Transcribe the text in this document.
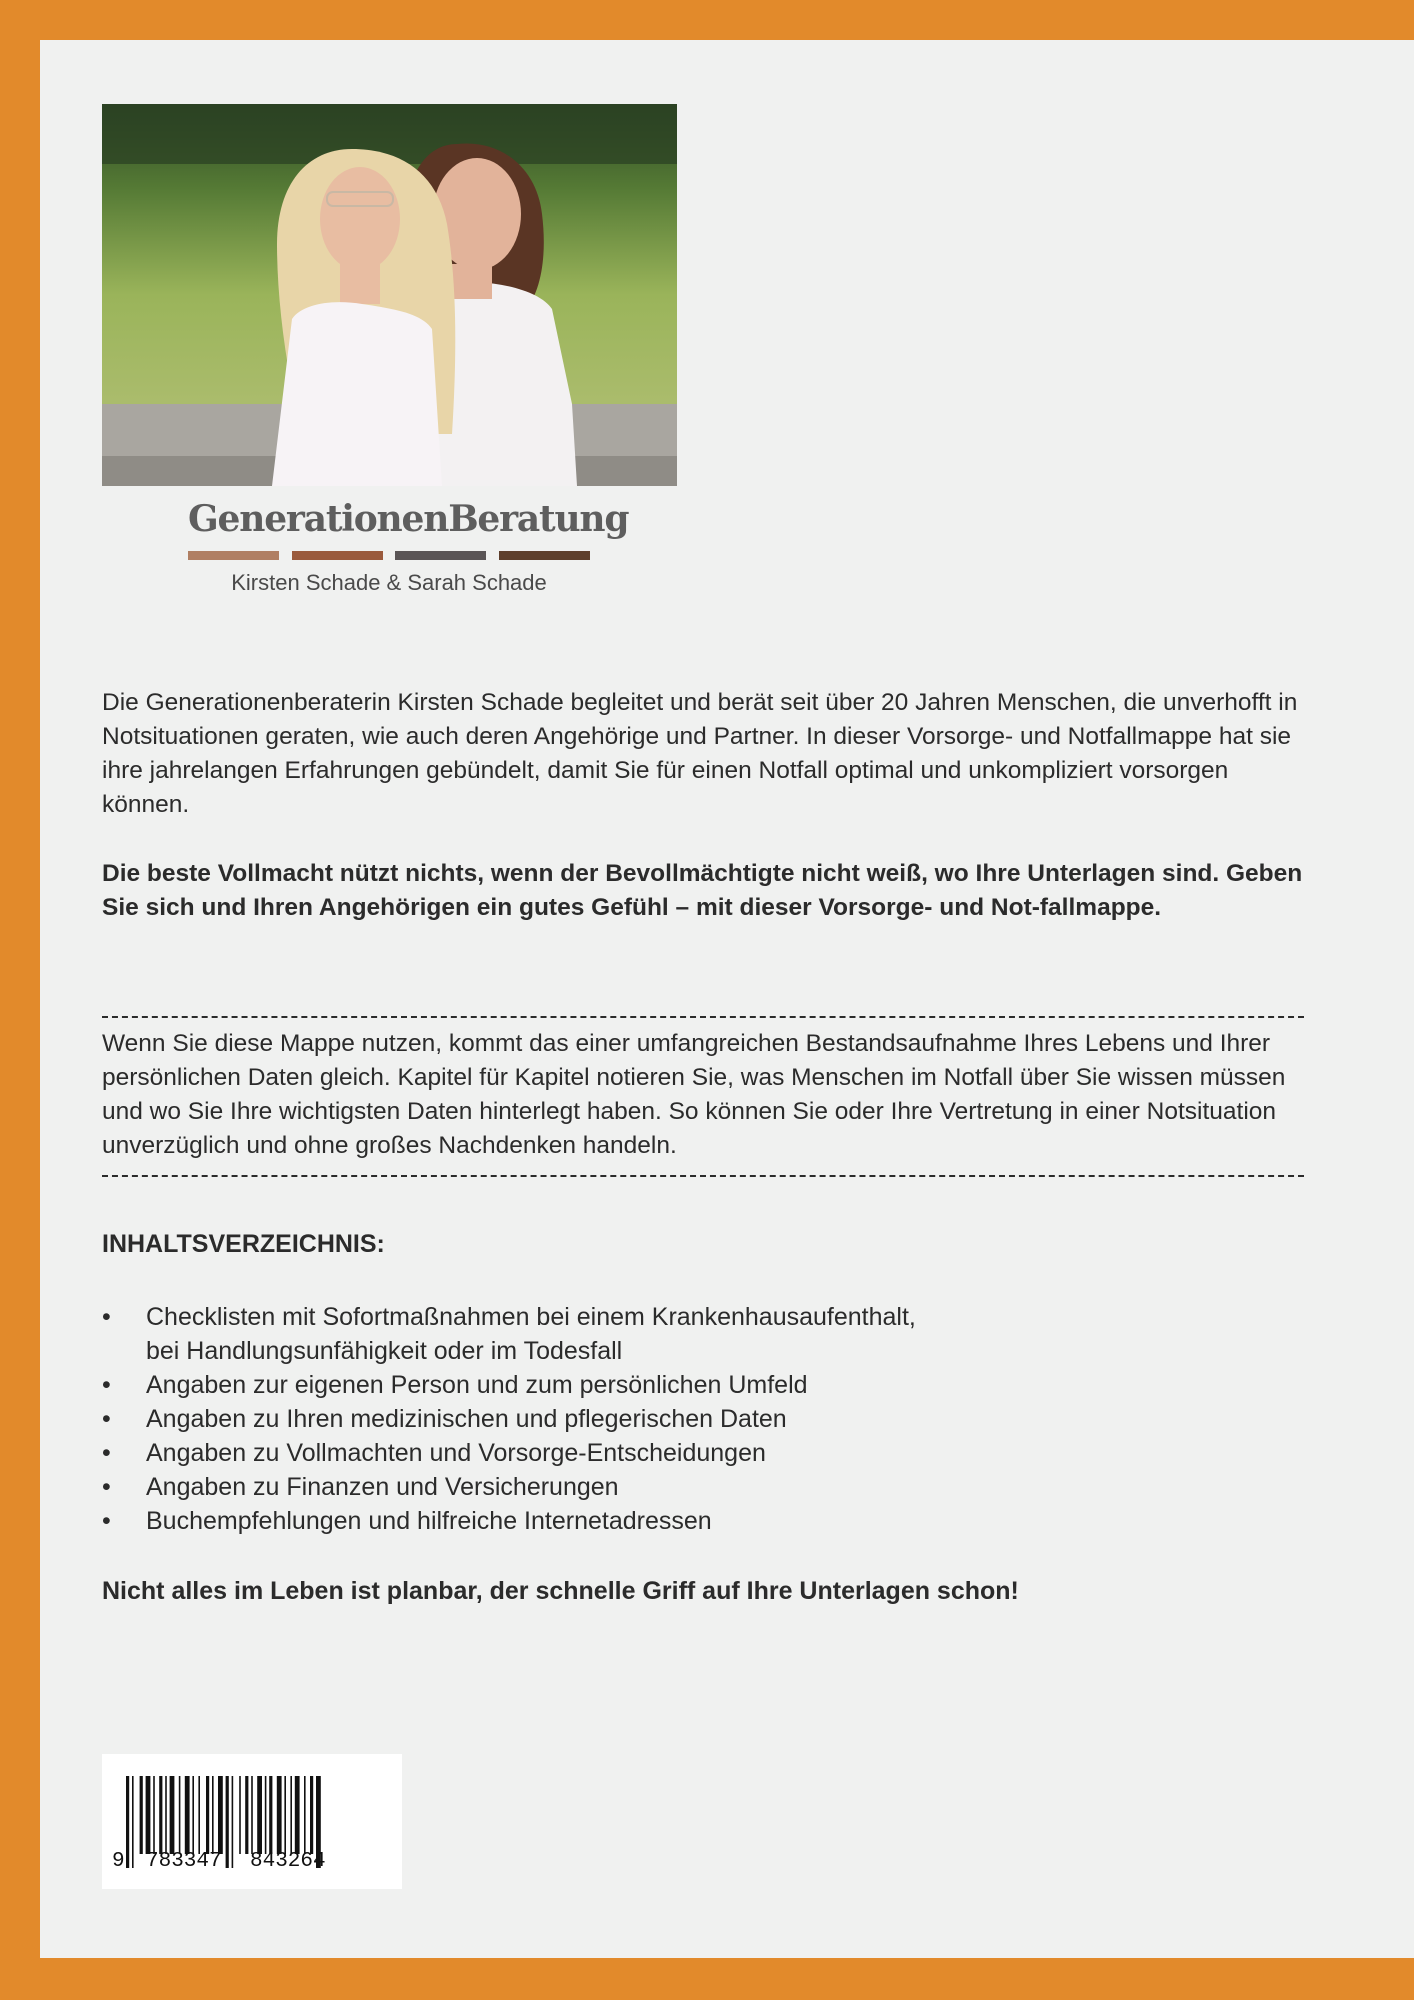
GenerationenBeratung
Kirsten Schade & Sarah Schade

Die Generationenberaterin Kirsten Schade begleitet und berät seit über 20 Jahren Menschen, die unverhofft in Notsituationen geraten, wie auch deren Angehörige und Partner. In dieser Vorsorge- und Notfallmappe hat sie ihre jahrelangen Erfahrungen gebündelt, damit Sie für einen Notfall optimal und unkompliziert vorsorgen können.

Die beste Vollmacht nützt nichts, wenn der Bevollmächtigte nicht weiß, wo Ihre Unterlagen sind. Geben Sie sich und Ihren Angehörigen ein gutes Gefühl – mit dieser Vorsorge- und Not-fallmappe.

Wenn Sie diese Mappe nutzen, kommt das einer umfangreichen Bestandsaufnahme Ihres Lebens und Ihrer persönlichen Daten gleich. Kapitel für Kapitel notieren Sie, was Menschen im Notfall über Sie wissen müssen und wo Sie Ihre wichtigsten Daten hinterlegt haben. So können Sie oder Ihre Vertretung in einer Notsituation unverzüglich und ohne großes Nachdenken handeln.

INHALTSVERZEICHNIS:

• Checklisten mit Sofortmaßnahmen bei einem Krankenhausaufenthalt,
bei Handlungsunfähigkeit oder im Todesfall
• Angaben zur eigenen Person und zum persönlichen Umfeld
• Angaben zu Ihren medizinischen und pflegerischen Daten
• Angaben zu Vollmachten und Vorsorge-Entscheidungen
• Angaben zu Finanzen und Versicherungen
• Buchempfehlungen und hilfreiche Internetadressen

Nicht alles im Leben ist planbar, der schnelle Griff auf Ihre Unterlagen schon!

9 783347 843264
